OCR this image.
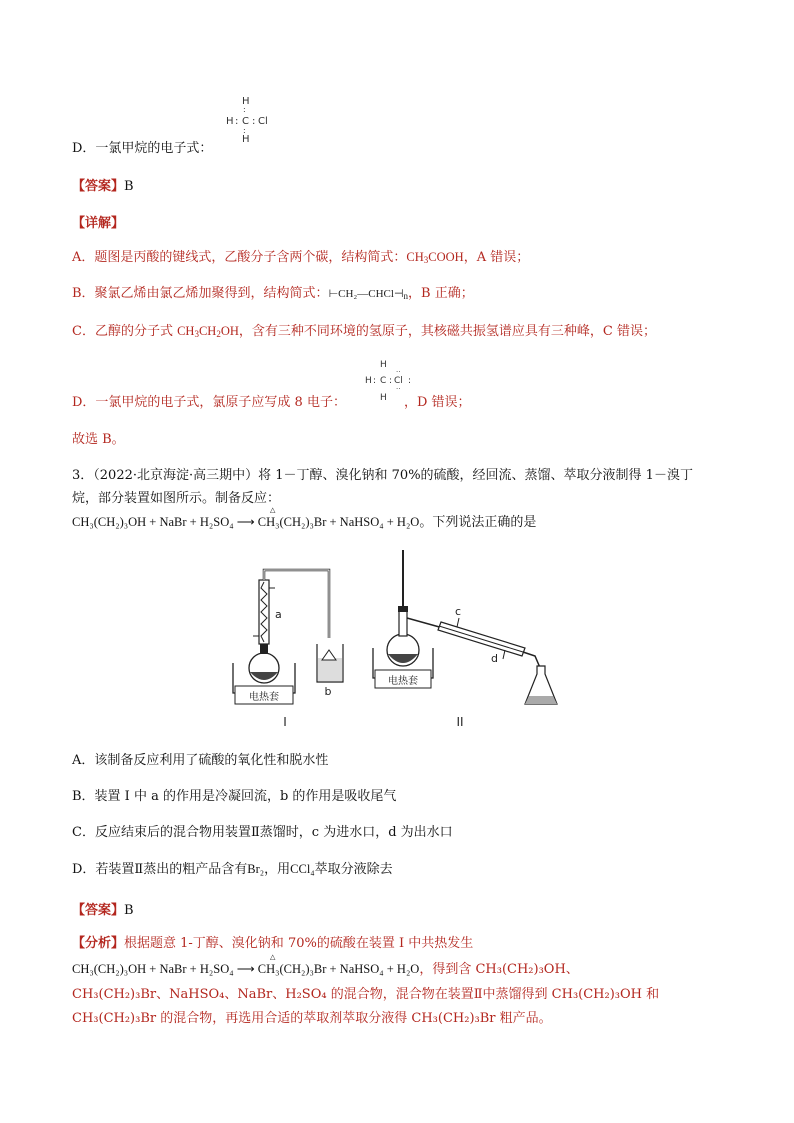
D．一氯甲烷的电子式：
H
:
H : C : Cl
:
H
【答案】B
【详解】
A．题图是丙酸的键线式，乙酸分子含两个碳，结构简式：$CH_3COOH$，A 错误；
B．聚氯乙烯由氯乙烯加聚得到，结构简式：$⊢CH_2—CHCl⊣_n$，B 正确；
C．乙醇的分子式 $CH_3CH_2OH$，含有三种不同环境的氢原子，其核磁共振氢谱应具有三种峰，C 错误；
D．一氯甲烷的电子式，氯原子应写成 8 电子：	，D 错误；
H
H : C : Cl
⋅⋅
⋅⋅
:
H
故选 B。
3．（2022·北京海淀·高三期中）将 1－丁醇、溴化钠和 70%的硫酸，经回流、蒸馏、萃取分液制得 1－溴丁
烷，部分装置如图所示。制备反应：
CH₃(CH₂)₃OH + NaBr + H₂SO₄ ⟶ CH₃(CH₂)₃Br + NaHSO₄ + H₂O。下列说法正确的是
△
电热套
a
b
I
电热套
c
d
II
A．该制备反应利用了硫酸的氧化性和脱水性
B．装置 I 中 a 的作用是冷凝回流，b 的作用是吸收尾气
C．反应结束后的混合物用装置Ⅱ蒸馏时，c 为进水口，d 为出水口
D．若装置Ⅱ蒸出的粗产品含有Br₂，用CCl₄萃取分液除去
【答案】B
【分析】根据题意 1-丁醇、溴化钠和 70%的硫酸在装置 I 中共热发生
CH₃(CH₂)₃OH + NaBr + H₂SO₄ ⟶ CH₃(CH₂)₃Br + NaHSO₄ + H₂O，得到含 CH₃(CH₂)₃OH、
△
CH₃(CH₂)₃Br、NaHSO₄、NaBr、H₂SO₄ 的混合物，混合物在装置Ⅱ中蒸馏得到 CH₃(CH₂)₃OH 和
CH₃(CH₂)₃Br 的混合物，再选用合适的萃取剂萃取分液得 CH₃(CH₂)₃Br 粗产品。
